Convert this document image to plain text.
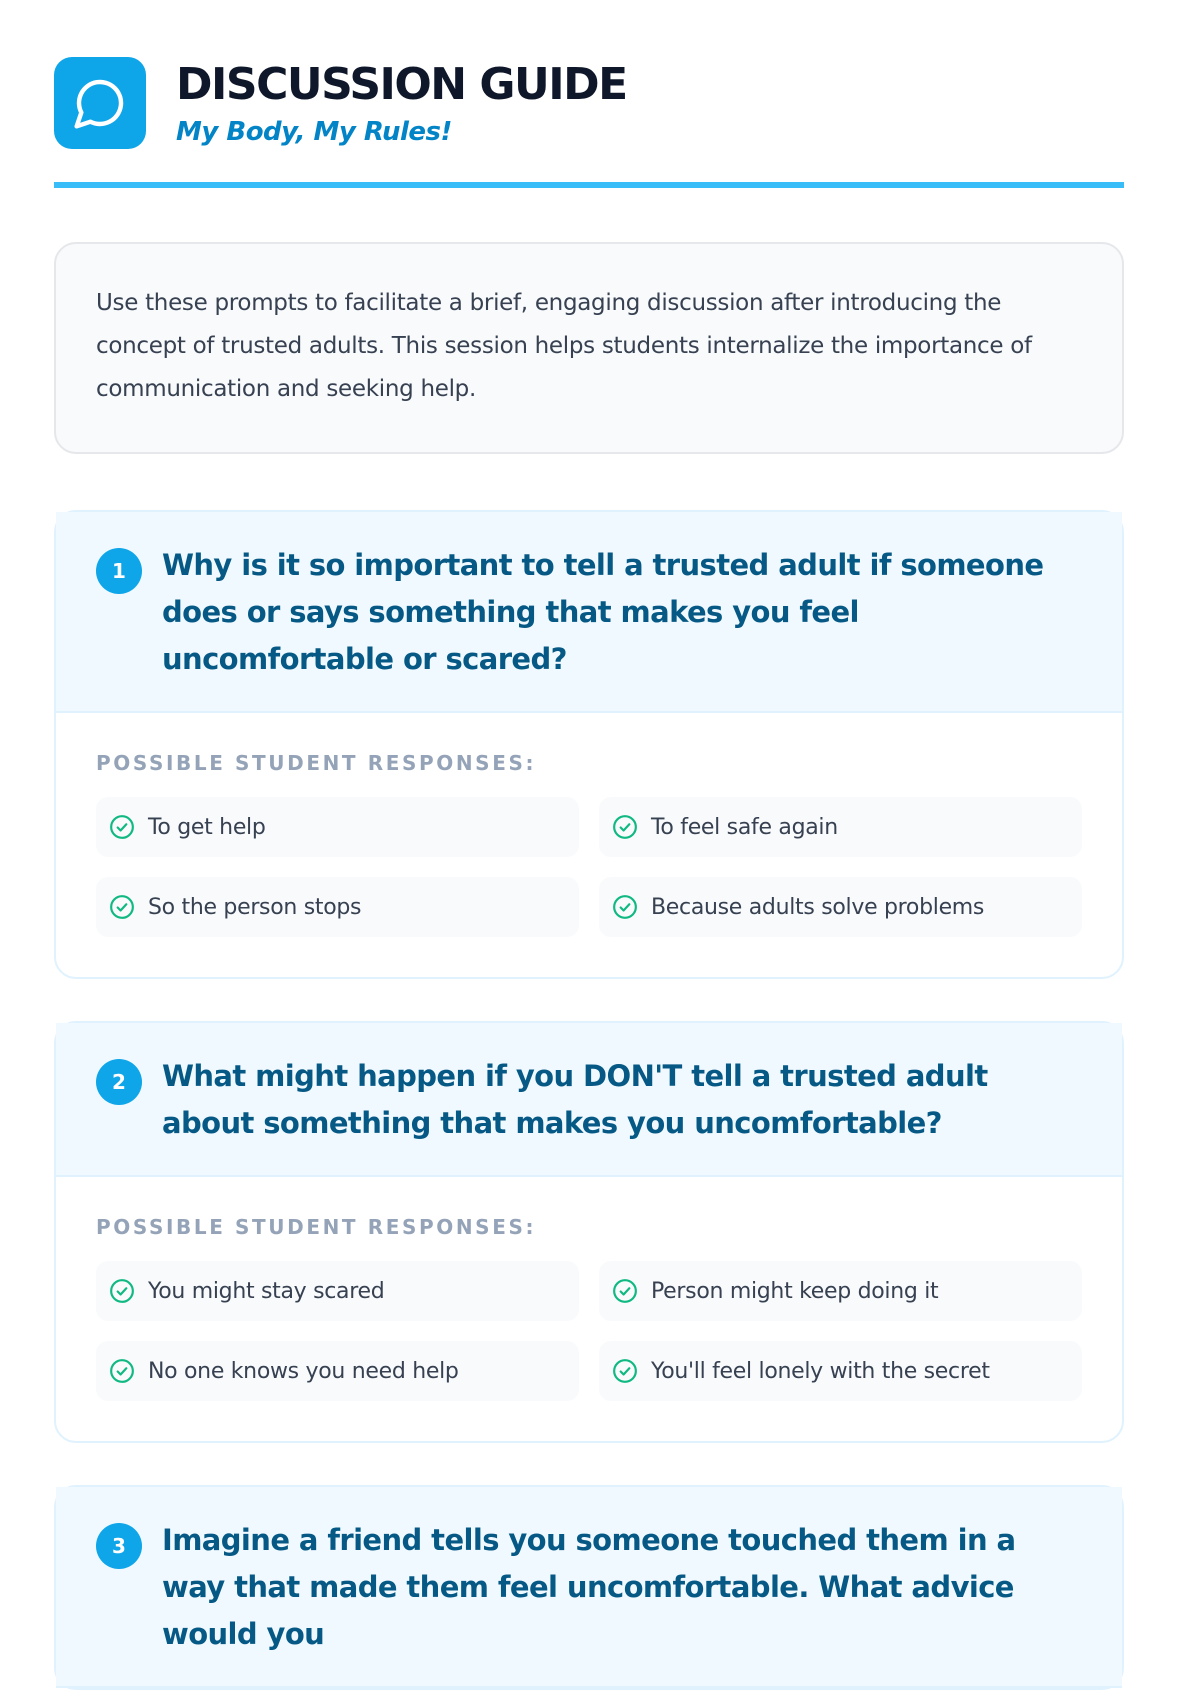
DISCUSSION GUIDE
My Body, My Rules!

Use these prompts to facilitate a brief, engaging discussion after introducing the concept of trusted adults. This session helps students internalize the importance of communication and seeking help.

1	Why is it so important to tell a trusted adult if someone does or says something that makes you feel uncomfortable or scared?
POSSIBLE STUDENT RESPONSES:
To get help	To feel safe again
So the person stops	Because adults solve problems
2	What might happen if you DON'T tell a trusted adult about something that makes you uncomfortable?
POSSIBLE STUDENT RESPONSES:
You might stay scared	Person might keep doing it
No one knows you need help	You'll feel lonely with the secret
3	Imagine a friend tells you someone touched them in a way that made them feel uncomfortable. What advice would you
